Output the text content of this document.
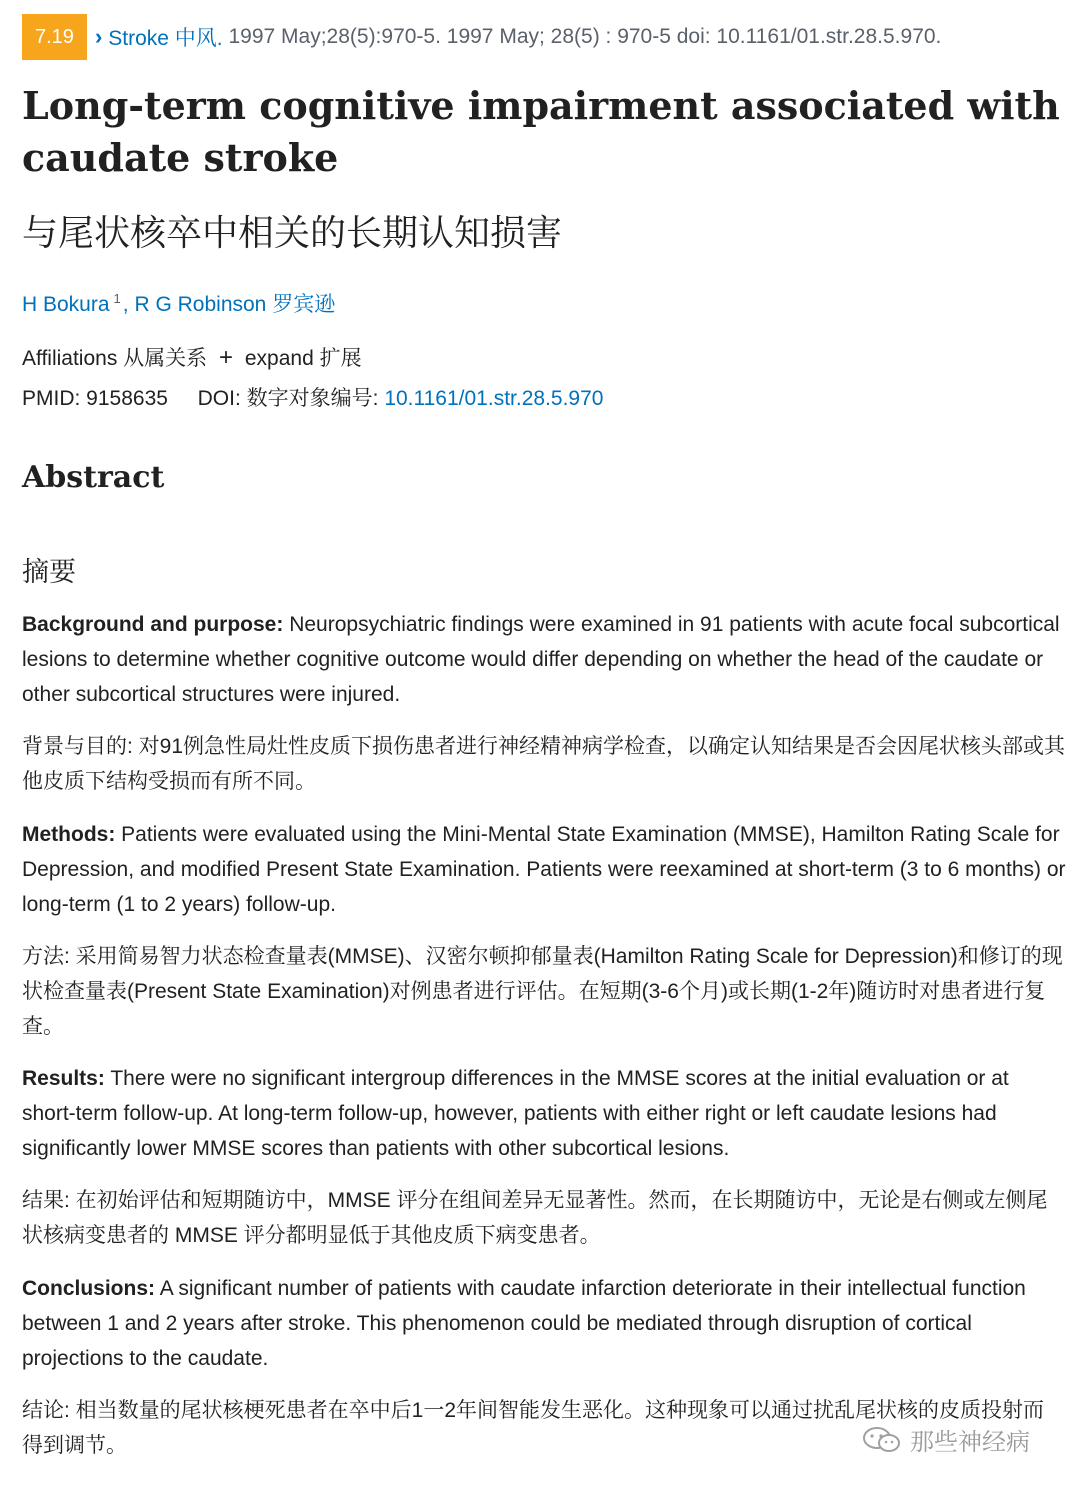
7.19 › Stroke 中风. 1997 May;28(5):970-5. 1997 May; 28(5) : 970-5 doi: 10.1161/01.str.28.5.970.
Long-term cognitive impairment associated with caudate stroke
与尾状核卒中相关的长期认知损害
H Bokura $^1$, R G Robinson 罗宾逊
Affiliations 从属关系 + expand 扩展
PMID: 9158635 DOI: 数字对象编号: 10.1161/01.str.28.5.970
Abstract
摘要

Background and purpose: Neuropsychiatric findings were examined in 91 patients with acute focal subcortical lesions to determine whether cognitive outcome would differ depending on whether the head of the caudate or other subcortical structures were injured.

背景与目的: 对91例急性局灶性皮质下损伤患者进行神经精神病学检查，以确定认知结果是否会因尾状核头部或其他皮质下结构受损而有所不同。

Methods: Patients were evaluated using the Mini-Mental State Examination (MMSE), Hamilton Rating Scale for Depression, and modified Present State Examination. Patients were reexamined at short-term (3 to 6 months) or long-term (1 to 2 years) follow-up.

方法: 采用简易智力状态检查量表(MMSE)、汉密尔顿抑郁量表(Hamilton Rating Scale for Depression)和修订的现状检查量表(Present State Examination)对例患者进行评估。在短期(3-6个月)或长期(1-2年)随访时对患者进行复查。

Results: There were no significant intergroup differences in the MMSE scores at the initial evaluation or at short-term follow-up. At long-term follow-up, however, patients with either right or left caudate lesions had significantly lower MMSE scores than patients with other subcortical lesions.

结果: 在初始评估和短期随访中，MMSE 评分在组间差异无显著性。然而，在长期随访中，无论是右侧或左侧尾状核病变患者的 MMSE 评分都明显低于其他皮质下病变患者。

Conclusions: A significant number of patients with caudate infarction deteriorate in their intellectual function between 1 and 2 years after stroke. This phenomenon could be mediated through disruption of cortical projections to the caudate.

结论: 相当数量的尾状核梗死患者在卒中后1一2年间智能发生恶化。这种现象可以通过扰乱尾状核的皮质投射而得到调节。	那些神经病
